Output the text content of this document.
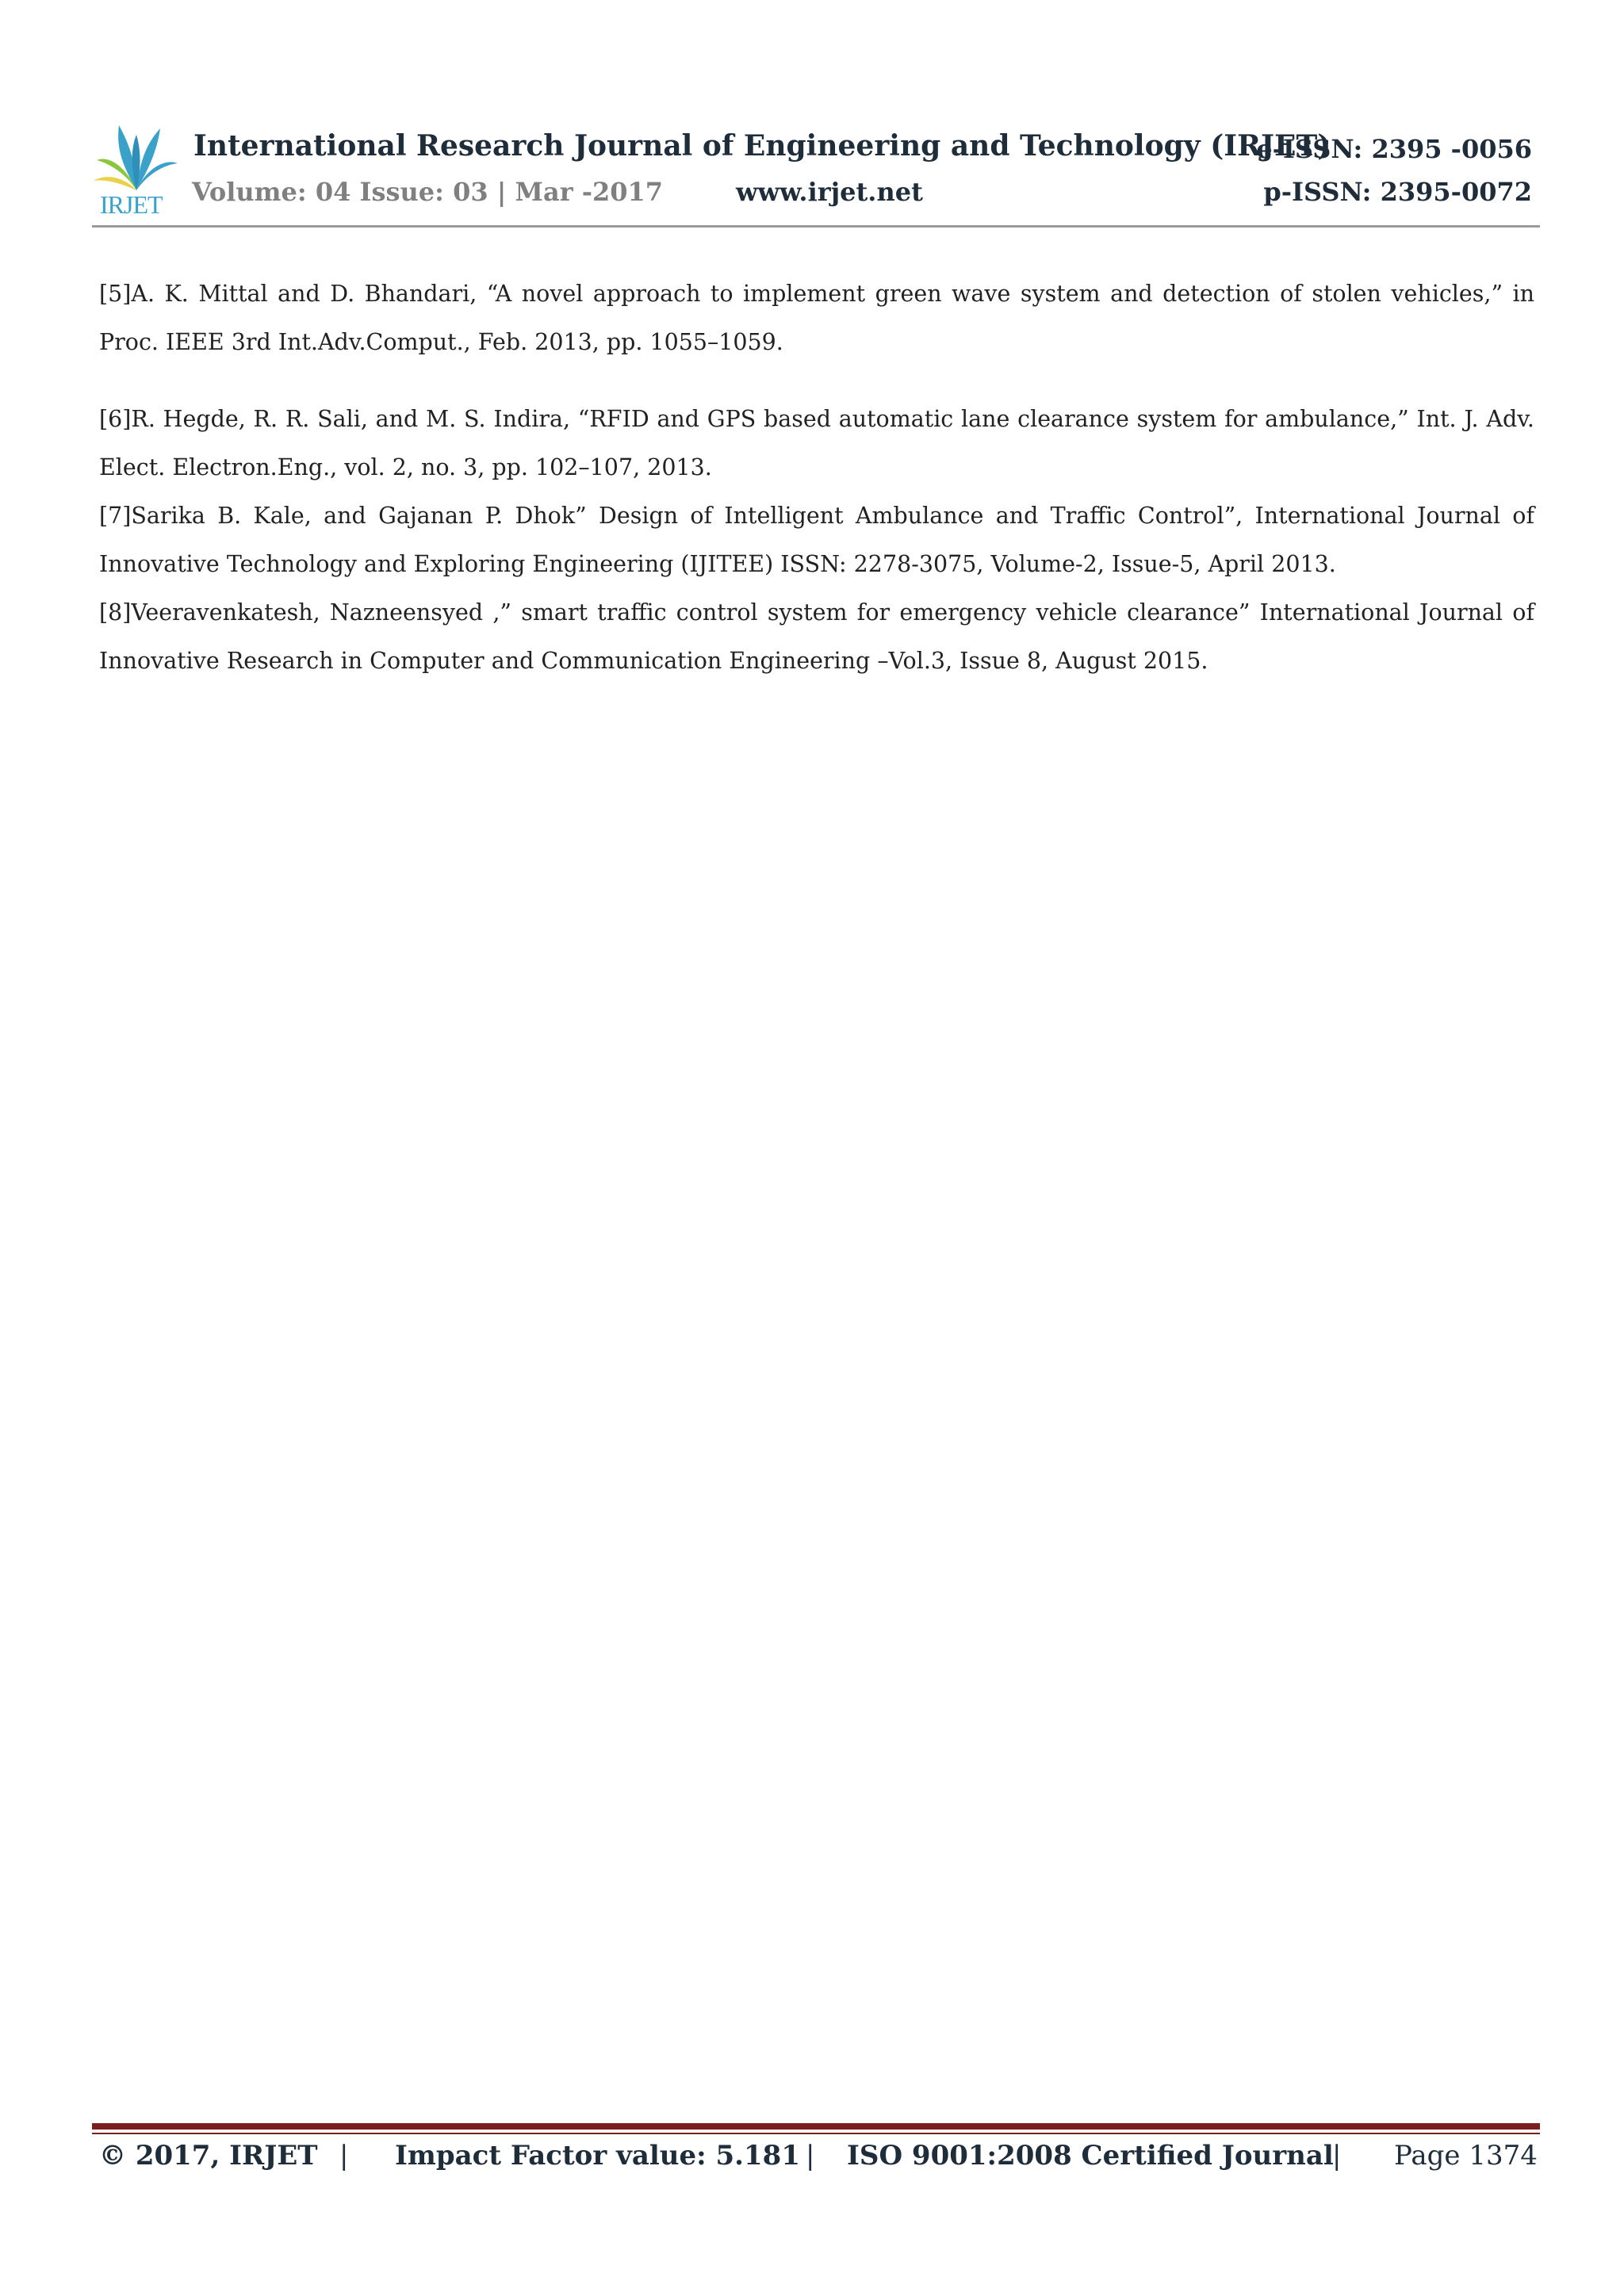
IRJET
International Research Journal of Engineering and Technology (IRJET)
e-ISSN: 2395 -0056
Volume: 04 Issue: 03 | Mar -2017	www.irjet.net	p-ISSN: 2395-0072

[5]A. K. Mittal and D. Bhandari, “A novel approach to implement green wave system and detection of stolen vehicles,” in Proc. IEEE 3rd Int.Adv.Comput., Feb. 2013, pp. 1055–1059.

[6]R. Hegde, R. R. Sali, and M. S. Indira, “RFID and GPS based automatic lane clearance system for ambulance,” Int. J. Adv. Elect. Electron.Eng., vol. 2, no. 3, pp. 102–107, 2013.

[7]Sarika B. Kale, and Gajanan P. Dhok” Design of Intelligent Ambulance and Traffic Control”, International Journal of Innovative Technology and Exploring Engineering (IJITEE) ISSN: 2278-3075, Volume-2, Issue-5, April 2013.

[8]Veeravenkatesh, Nazneensyed ,” smart traffic control system for emergency vehicle clearance” International Journal of Innovative Research in Computer and Communication Engineering –Vol.3, Issue 8, August 2015.

© 2017, IRJET | Impact Factor value: 5.181 | ISO 9001:2008 Certified Journal
| Page 1374
